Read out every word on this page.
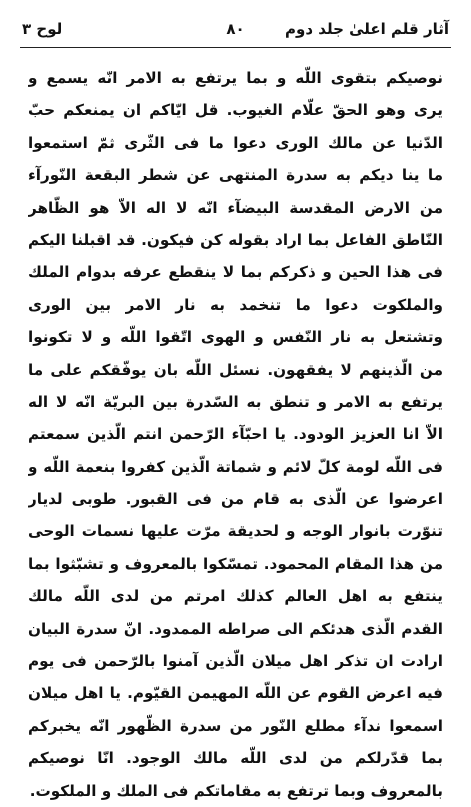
آثار قلم اعلیٰ جلد دوم
۸۰
لوح ۳
نوصيكم بتقوى اللّه و بما يرتفع به الامر انّه يسمع و
يرى وهو الحقّ علّام الغيوب. قل ايّاكم ان يمنعكم حبّ
الدّنيا عن مالك الورى دعوا ما فى الثّرى ثمّ استمعوا
ما ينا ديكم به سدرة المنتهى عن شطر البقعة النّورآء
من الارض المقدسة البيضآء انّه لا اله الاّ هو الظّاهر
النّاطق الفاعل بما اراد بقوله كن فيكون. قد اقبلنا اليكم
فى هذا الحين و ذكركم بما لا ينقطع عرفه بدوام الملك
والملكوت دعوا ما تنخمد به نار الامر بين الورى
وتشتعل به نار النّفس و الهوى اتّقوا اللّه و لا تكونوا
من الّذينهم لا يفقهون. نسئل اللّه بان يوفّقكم على ما
يرتفع به الامر و تنطق به السّدرة بين البريّة انّه لا اله
الاّ انا العزيز الودود. يا احبّآء الرّحمن انتم الّذين سمعتم
فى اللّه لومة كلّ لائم و شماتة الّذين كفروا بنعمة اللّه و
اعرضوا عن الّذى به قام من فى القبور. طوبى لديار
تنوّرت بانوار الوجه و لحديقة مرّت عليها نسمات الوحى
من هذا المقام المحمود. تمسّكوا بالمعروف و تشبّثوا بما
ينتفع به اهل العالم كذلك امرتم من لدى اللّه مالك
القدم الّذى هدئكم الى صراطه الممدود. انّ سدرة البيان
ارادت ان تذكر اهل ميلان الّذين آمنوا بالرّحمن فى يوم
فيه اعرض القوم عن اللّه المهيمن القيّوم. يا اهل ميلان
اسمعوا ندآء مطلع النّور من سدرة الظّهور انّه يخبركم
بما قدّرلكم من لدى اللّه مالك الوجود. انّا نوصيكم
بالمعروف وبما ترتفع به مقاماتكم فى الملك و الملكوت.
